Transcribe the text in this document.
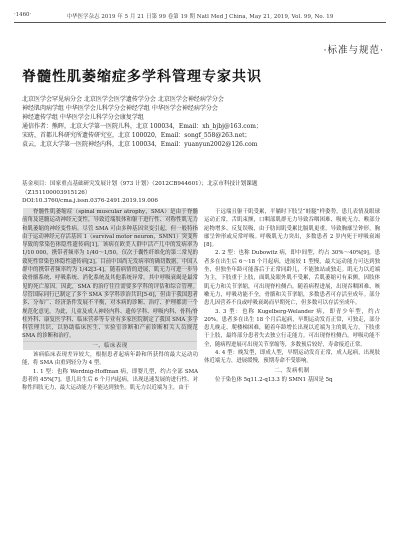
·1460·	中华医学杂志 2019 年 5 月 21 日第 99 卷第 19 期 Natl Med J China, May 21, 2019, Vol. 99, No. 19
·标准与规范·
脊髓性肌萎缩症多学科管理专家共识
北京医学会罕见病分会 北京医学会医学遗传学分会 北京医学会神经病学分会
神经肌肉病学组 中华医学会儿科学分会神经学组 中华医学会神经病学分会
神经遗传学组 中华医学会儿科学分会康复学组
通信作者：熊晖，北京大学第一医院儿科，北京 100034，Email：xh_bjbj@163.com；
宋昉，首都儿科研究所遗传研究室，北京 100020，Email：songf_558@263.net；
袁云，北京大学第一医院神经内科，北京 100034，Email：yuanyun2002@126.com
基金项目：国家重点基础研究发展计划（973 计划）（2012CB944601）；北京市科技计划课题
（Z151100003915126）
DOI:10.3760/cma.j.issn.0376-2491.2019.19.006

脊髓性肌萎缩症（spinal muscular atrophy，SMA）是由于脊髓前角及延髓运动神经元变性，导致近端肢体和躯干进行性、对称性肌无力和肌萎缩的神经变性病。尽管 SMA 可由多种基因突变引起，但一般特指由于运动神经元存活基因 1（survival motor neuron，SMN1）突变所导致的常染色体隐性遗传病[1]。该病在欧美人群中活产儿中的发病率为 1/10 000，携带者频率为 1/40～1/50，仅次于囊性纤维化的第二常见的致死性常染色体隐性遗传病[2]。目前中国尚无发病率的确切数据，中国人群中的携带者频率约为 1/42[3-4]。随着病情的进展，肌无力可进一步导致骨骼系统、呼吸系统、消化系统及其他系统异常，其中呼吸衰竭是最常见的死亡原因。因此，SMA 的治疗往往需要多学科的评估和综合管理。尽管国际同行已制定了多个 SMA 多学科诊治共识[5-6]，但由于我国患者多、分布广、经济条件发展不平衡，对本病的诊断、治疗、护理都需一个规范化意见。为此，儿童及成人神经内科、遗传学科、呼吸内科、骨科/脊柱外科、康复医学科、临床营养等专业有多家医院制定了我国 SMA 多学科管理共识，以协助临床医生、实验室诊断和产前诊断相关人员规范 SMA 的诊断和治疗。

一、临床表现

该病临床表现差异较大，根据患者起病年龄和所获得的最大运动功能，将 SMA 由重到轻分为 4 型。

1. 1 型：也称 Werdnig-Hoffman 病，即婴儿型，约占全部 SMA 患者的 45%[7]。患儿出生后 6 个月内起病，出现迅速发展的进行性、对称性四肢无力，最大运动能力不能达到独坐。肌无力以近端为主，由于

于远端且躯干肌受累，平躺时下肢呈“蛙腿”样姿势，患儿表情及眼球运动正常，舌肌束颤，口咽部肌群无力导致吞咽困难、吸吮无力、喉部分泌物增多、反复误吸，由于肋间肌受累比膈肌更重，导致胸廓呈钟形，胸廓呈钟形或反常呼吸。呼吸肌无力突出，多数患者 2 岁内死于呼吸衰竭[8]。

2. 2 型：也称 Dubowitz 病，即中间型，约占 30%～40%[9]。患者多在出生后 6～18 个月起病，进展较 1 型慢，最大运动能力可达到独坐，但独坐年龄可能落后于正常同龄儿，不能独站或独走。肌无力以近端为主，下肢重于上肢，面肌及眼外肌不受累，舌肌萎缩可有束颤，因肢体肌无力和关节挛缩，可出现脊柱侧凸。随着病程进展，出现吞咽困难、咳嗽无力，呼吸功能不全，骨骼和关节挛缩，多数患者可存活至成年。部分患儿因营养不良或呼吸衰竭而早期死亡，但多数可以存活至成年。

3. 3 型：也称 Kugelberg-Welander 病，即青少年型，约占 20%。患者多在出生 18 个月后起病，早期运动发育正常，可独走，部分患儿晚走、爬楼梯困难，随着年龄增长出现以近端为主的肌无力，下肢重于上肢，最终部分患者失去独立行走能力。可出现脊柱侧凸，呼吸功能不全，随病程进展可出现关节挛缩等，多数预后较好，寿命接近正常。

4. 4 型：晚发型，即成人型，早期运动发育正常，成人起病，出现肢体近端无力，进展缓慢，预期寿命不受影响。

二、发病机制

位于染色体 5q11.2-q13.3 的 SMN1 基因是 5q
